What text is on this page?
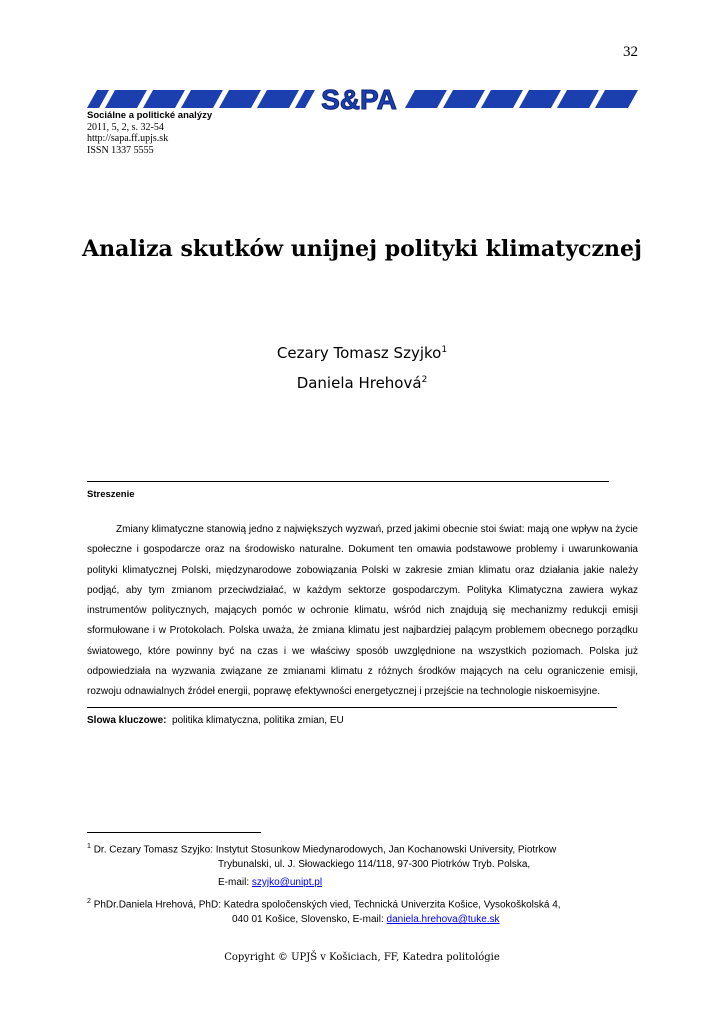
32
S&PA
Sociálne a politické analýzy
2011, 5, 2, s. 32-54
http://sapa.ff.upjs.sk
ISSN 1337 5555
Analiza skutków unijnej polityki klimatycznej
Cezary Tomasz Szyjko$^1$
Daniela Hrehová$^2$
Streszenie

Zmiany klimatyczne stanowią jedno z największych wyzwań, przed jakimi obecnie stoi świat: mają one wpływ na życie społeczne i gospodarcze oraz na środowisko naturalne. Dokument ten omawia podstawowe problemy i uwarunkowania polityki klimatycznej Polski, międzynarodowe zobowiązania Polski w zakresie zmian klimatu oraz działania jakie należy podjąć, aby tym zmianom przeciwdziałać, w każdym sektorze gospodarczym. Polityka Klimatyczna zawiera wykaz instrumentów politycznych, mających pomóc w ochronie klimatu, wśród nich znajdują się mechanizmy redukcji emisji sformułowane i w Protokolach. Polska uważa, że zmiana klimatu jest najbardziej palącym problemem obecnego porządku światowego, które powinny być na czas i we właściwy sposób uwzględnione na wszystkich poziomach. Polska już odpowiedziała na wyzwania związane ze zmianami klimatu z różnych środków mających na celu ograniczenie emisji, rozwoju odnawialnych źródeł energii, poprawę efektywności energetycznej i przejście na technologie niskoemisyjne.

Slowa kluczowe: politika klimatyczna, politika zmian, EU
$^1$ Dr. Cezary Tomasz Szyjko: Instytut Stosunkow Miedynarodowych, Jan Kochanowski University, Piotrkow
Trybunalski, ul. J. Słowackiego 114/118, 97-300 Piotrków Tryb. Polska,
E-mail: szyjko@unipt.pl
$^2$ PhDr.Daniela Hrehová, PhD: Katedra spoločenských vied, Technická Univerzita Košice, Vysokoškolská 4,
040 01 Košice, Slovensko, E-mail: daniela.hrehova@tuke.sk
Copyright © UPJŠ v Košiciach, FF, Katedra politológie
